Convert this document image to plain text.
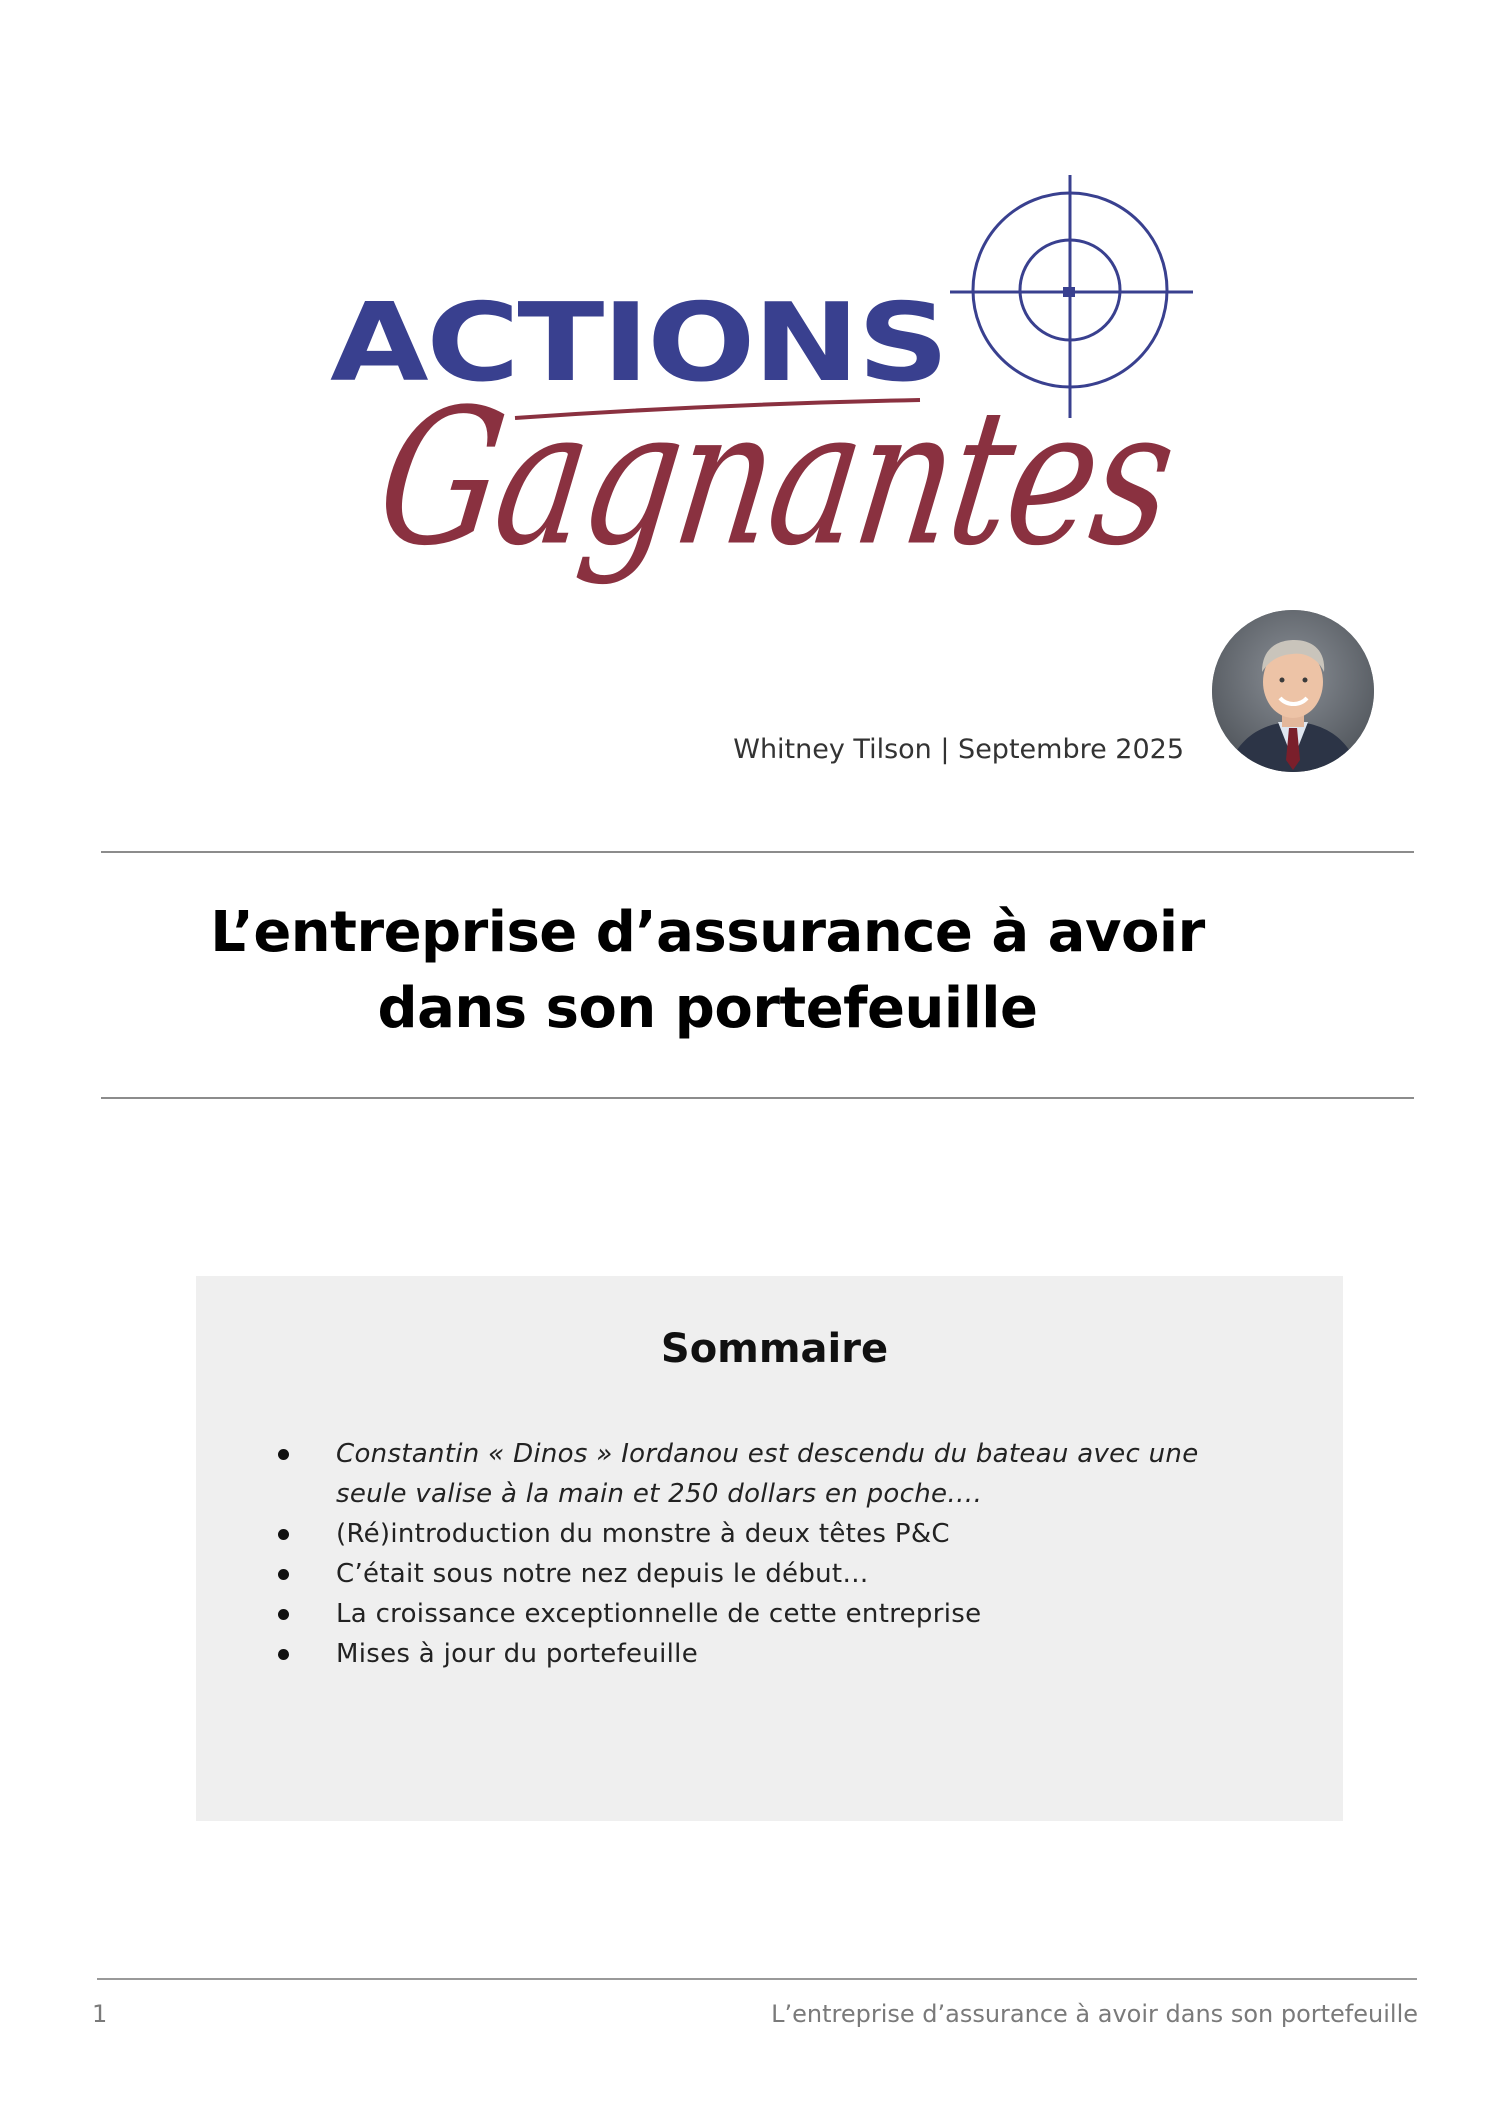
ACTIONS
Gagnantes
Whitney Tilson | Septembre 2025
L’entreprise d’assurance à avoir
dans son portefeuille
Sommaire
Constantin « Dinos » Iordanou est descendu du bateau avec une seule valise à la main et 250 dollars en poche….
(Ré)introduction du monstre à deux têtes P&C
C’était sous notre nez depuis le début…
La croissance exceptionnelle de cette entreprise
Mises à jour du portefeuille
1	L’entreprise d’assurance à avoir dans son portefeuille
